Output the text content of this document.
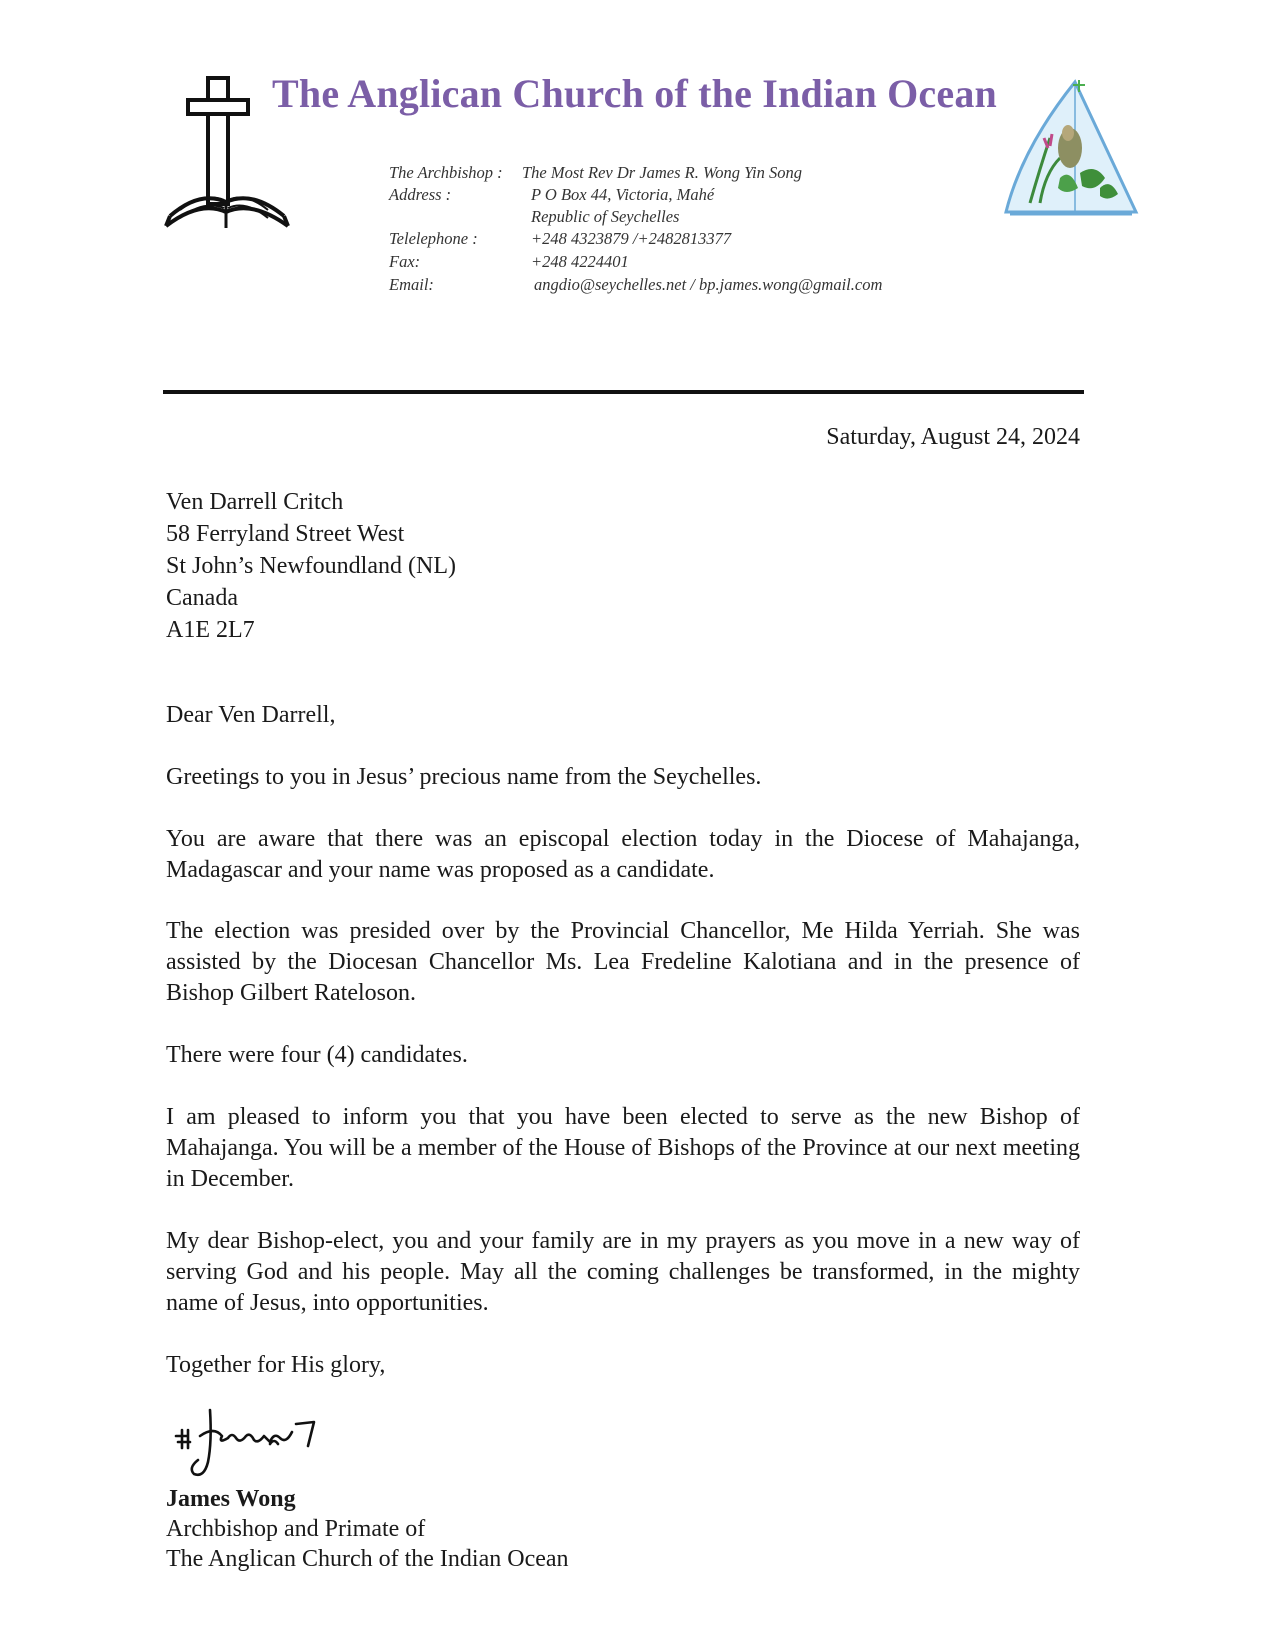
The Anglican Church of the Indian Ocean
The Archbishop : The Most Rev Dr James R. Wong Yin Song
Address :	P O Box 44, Victoria, Mahé
Republic of Seychelles
Telelephone :	+248 4323879 /+2482813377
Fax:	+248 4224401
Email:	angdio@seychelles.net / bp.james.wong@gmail.com
Saturday, August 24, 2024
Ven Darrell Critch
58 Ferryland Street West
St John’s Newfoundland (NL)
Canada
A1E 2L7
Dear Ven Darrell,
Greetings to you in Jesus’ precious name from the Seychelles.
You are aware that there was an episcopal election today in the Diocese of Mahajanga, Madagascar and your name was proposed as a candidate.
The election was presided over by the Provincial Chancellor, Me Hilda Yerriah. She was assisted by the Diocesan Chancellor Ms. Lea Fredeline Kalotiana and in the presence of Bishop Gilbert Rateloson.
There were four (4) candidates.
I am pleased to inform you that you have been elected to serve as the new Bishop of Mahajanga. You will be a member of the House of Bishops of the Province at our next meeting in December.
My dear Bishop-elect, you and your family are in my prayers as you move in a new way of serving God and his people. May all the coming challenges be transformed, in the mighty name of Jesus, into opportunities.
Together for His glory,
James Wong
Archbishop and Primate of
The Anglican Church of the Indian Ocean
